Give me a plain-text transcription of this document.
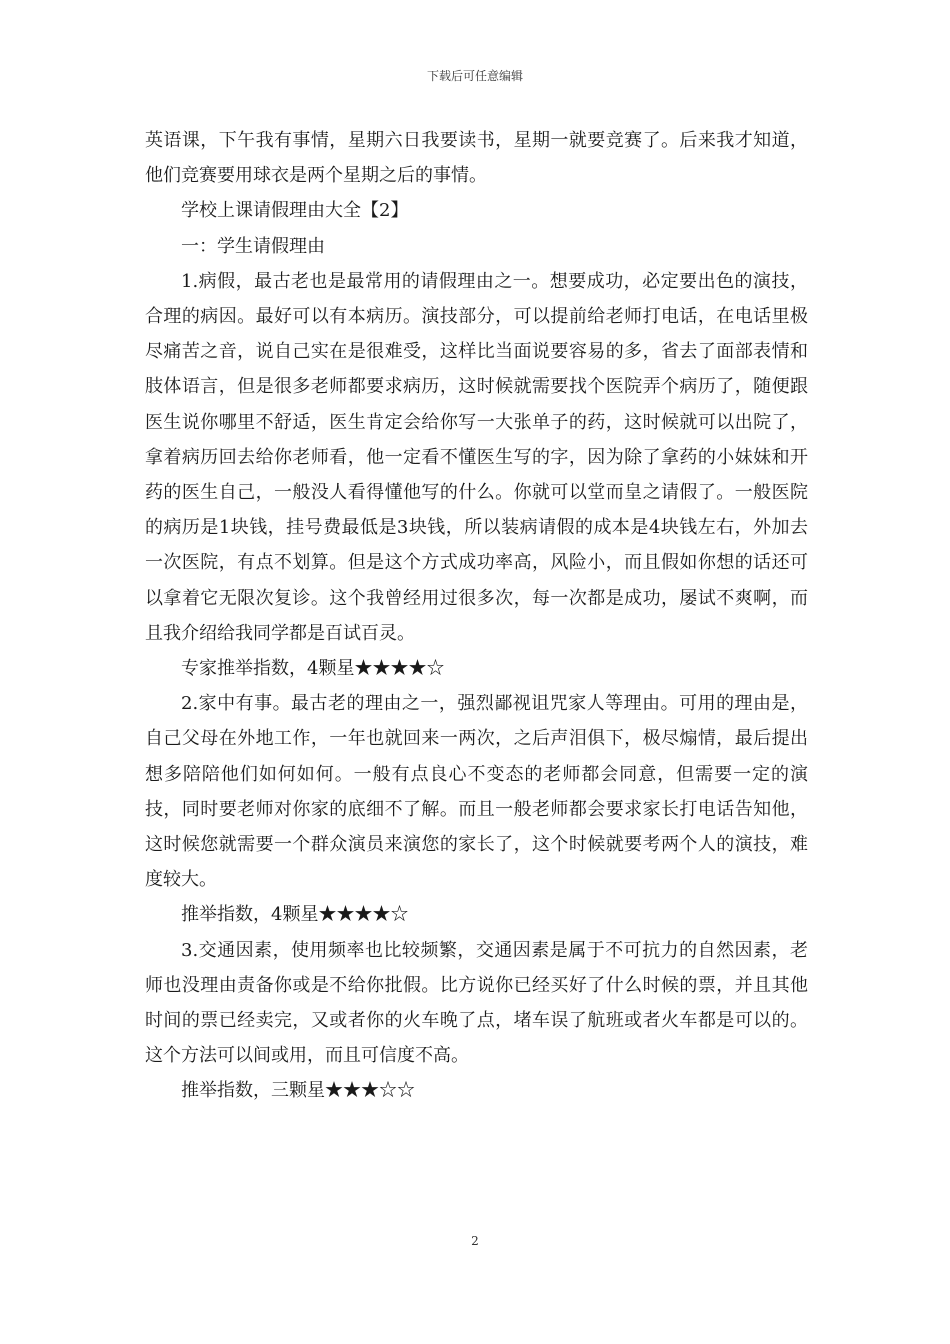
下载后可任意编辑

英语课，下午我有事情，星期六日我要读书，星期一就要竞赛了。后来我才知道，他们竞赛要用球衣是两个星期之后的事情。

学校上课请假理由大全【2】

一：学生请假理由

1.病假，最古老也是最常用的请假理由之一。想要成功，必定要出色的演技，合理的病因。最好可以有本病历。演技部分，可以提前给老师打电话，在电话里极尽痛苦之音，说自己实在是很难受，这样比当面说要容易的多，省去了面部表情和肢体语言，但是很多老师都要求病历，这时候就需要找个医院弄个病历了，随便跟医生说你哪里不舒适，医生肯定会给你写一大张单子的药，这时候就可以出院了，拿着病历回去给你老师看，他一定看不懂医生写的字，因为除了拿药的小妹妹和开药的医生自己，一般没人看得懂他写的什么。你就可以堂而皇之请假了。一般医院的病历是1块钱，挂号费最低是3块钱，所以装病请假的成本是4块钱左右，外加去一次医院，有点不划算。但是这个方式成功率高，风险小，而且假如你想的话还可以拿着它无限次复诊。这个我曾经用过很多次，每一次都是成功，屡试不爽啊，而且我介绍给我同学都是百试百灵。

专家推举指数，4颗星★★★★☆

2.家中有事。最古老的理由之一，强烈鄙视诅咒家人等理由。可用的理由是，自己父母在外地工作，一年也就回来一两次，之后声泪俱下，极尽煽情，最后提出想多陪陪他们如何如何。一般有点良心不变态的老师都会同意，但需要一定的演技，同时要老师对你家的底细不了解。而且一般老师都会要求家长打电话告知他，这时候您就需要一个群众演员来演您的家长了，这个时候就要考两个人的演技，难度较大。

推举指数，4颗星★★★★☆

3.交通因素，使用频率也比较频繁，交通因素是属于不可抗力的自然因素，老师也没理由责备你或是不给你批假。比方说你已经买好了什么时候的票，并且其他时间的票已经卖完，又或者你的火车晚了点，堵车误了航班或者火车都是可以的。这个方法可以间或用，而且可信度不高。

推举指数，三颗星★★★☆☆

2
